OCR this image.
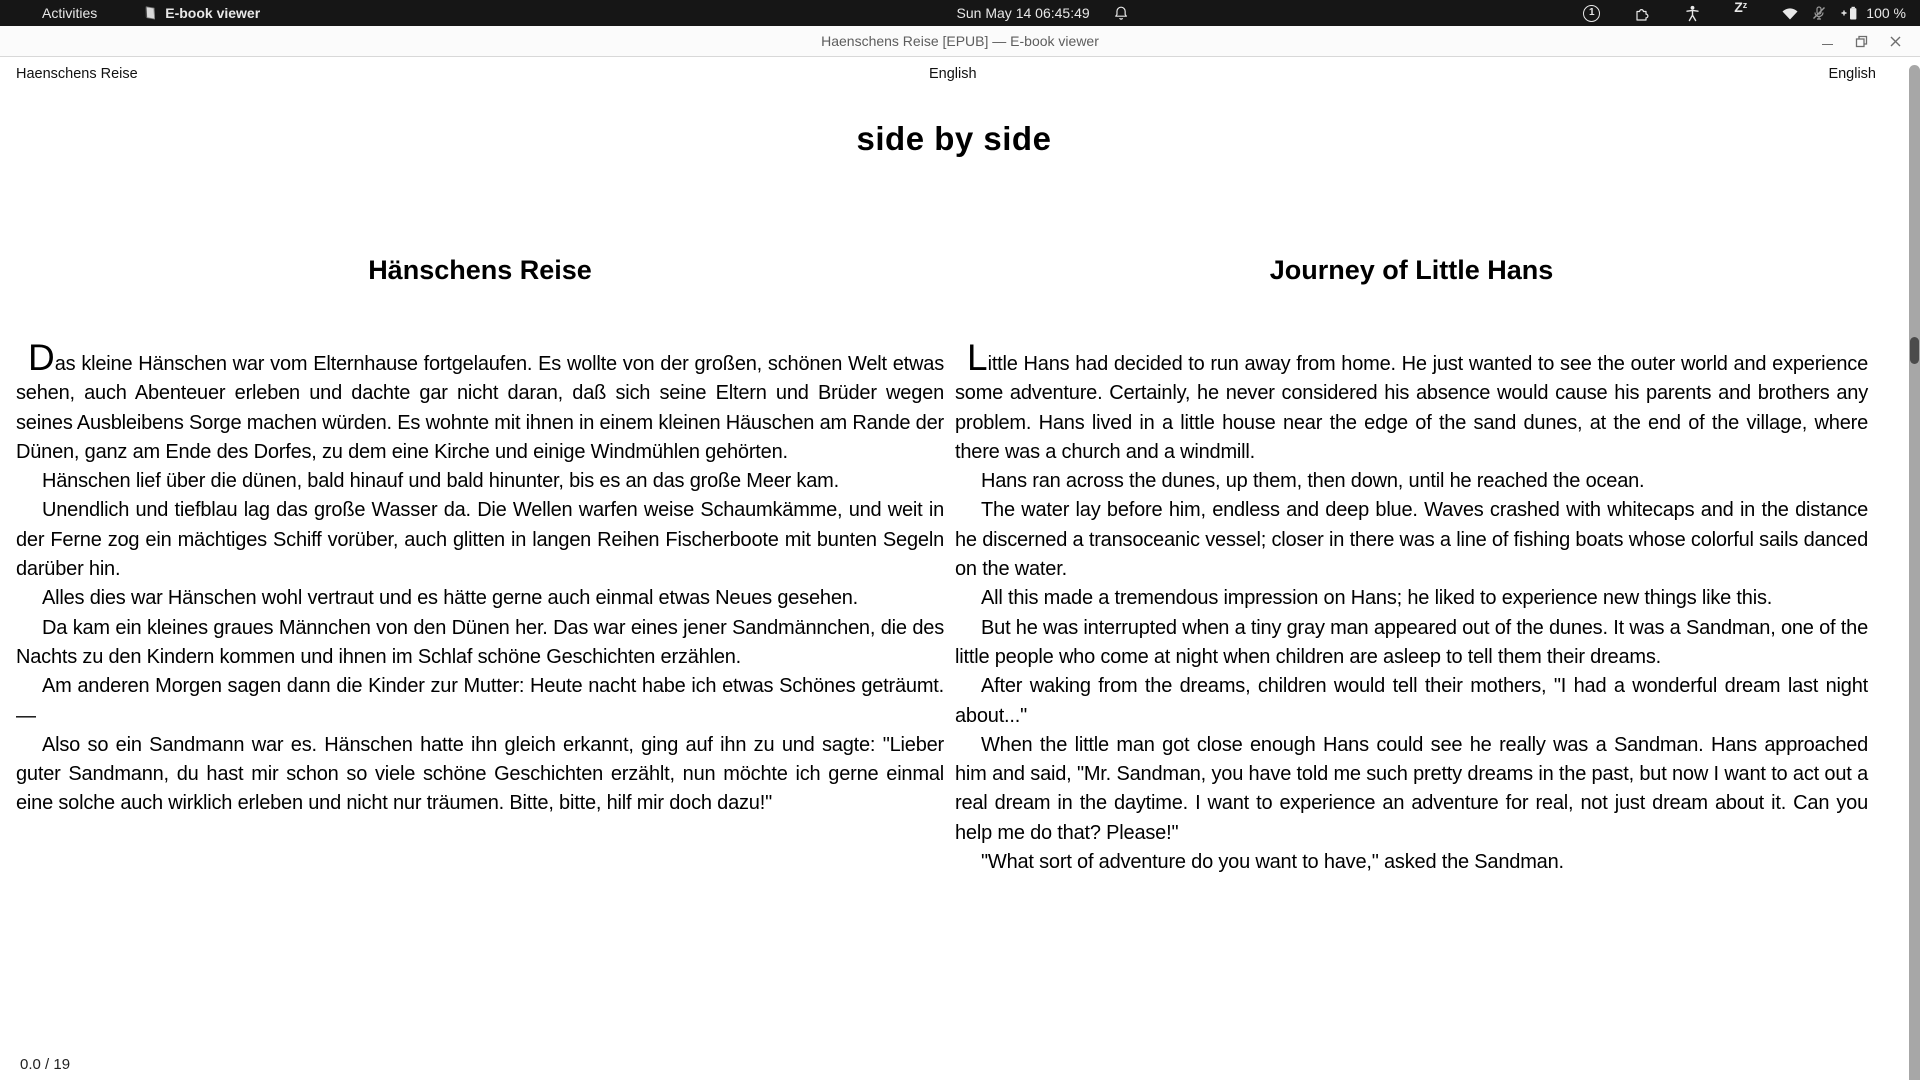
Activities	E-book viewer	Sun May 14 06:45:49	1	Z z	100 %
Haenschens Reise [EPUB] — E-book viewer
Haenschens Reise	English	English
side by side
Hänschens Reise

Das kleine Hänschen war vom Elternhause fortgelaufen. Es wollte von der großen, schönen Welt etwas sehen, auch Abenteuer erleben und dachte gar nicht daran, daß sich seine Eltern und Brüder wegen seines Ausbleibens Sorge machen würden. Es wohnte mit ihnen in einem kleinen Häuschen am Rande der Dünen, ganz am Ende des Dorfes, zu dem eine Kirche und einige Windmühlen gehörten.

Hänschen lief über die dünen, bald hinauf und bald hinunter, bis es an das große Meer kam.

Unendlich und tiefblau lag das große Wasser da. Die Wellen warfen weise Schaumkämme, und weit in der Ferne zog ein mächtiges Schiff vorüber, auch glitten in langen Reihen Fischerboote mit bunten Segeln darüber hin.

Alles dies war Hänschen wohl vertraut und es hätte gerne auch einmal etwas Neues gesehen.

Da kam ein kleines graues Männchen von den Dünen her. Das war eines jener Sandmännchen, die des Nachts zu den Kindern kommen und ihnen im Schlaf schöne Geschichten erzählen.

Am anderen Morgen sagen dann die Kinder zur Mutter: Heute nacht habe ich etwas Schönes geträumt.—

Also so ein Sandmann war es. Hänschen hatte ihn gleich erkannt, ging auf ihn zu und sagte: "Lieber guter Sandmann, du hast mir schon so viele schöne Geschichten erzählt, nun möchte ich gerne einmal eine solche auch wirklich erleben und nicht nur träumen. Bitte, bitte, hilf mir doch dazu!"

Journey of Little Hans

Little Hans had decided to run away from home. He just wanted to see the outer world and experience some adventure. Certainly, he never considered his absence would cause his parents and brothers any problem. Hans lived in a little house near the edge of the sand dunes, at the end of the village, where there was a church and a windmill.

Hans ran across the dunes, up them, then down, until he reached the ocean.

The water lay before him, endless and deep blue. Waves crashed with whitecaps and in the distance he discerned a transoceanic vessel; closer in there was a line of fishing boats whose colorful sails danced on the water.

All this made a tremendous impression on Hans; he liked to experience new things like this.

But he was interrupted when a tiny gray man appeared out of the dunes. It was a Sandman, one of the little people who come at night when children are asleep to tell them their dreams.

After waking from the dreams, children would tell their mothers, "I had a wonderful dream last night about..."

When the little man got close enough Hans could see he really was a Sandman. Hans approached him and said, "Mr. Sandman, you have told me such pretty dreams in the past, but now I want to act out a real dream in the daytime. I want to experience an adventure for real, not just dream about it. Can you help me do that? Please!"

"What sort of adventure do you want to have," asked the Sandman.

0.0 / 19
